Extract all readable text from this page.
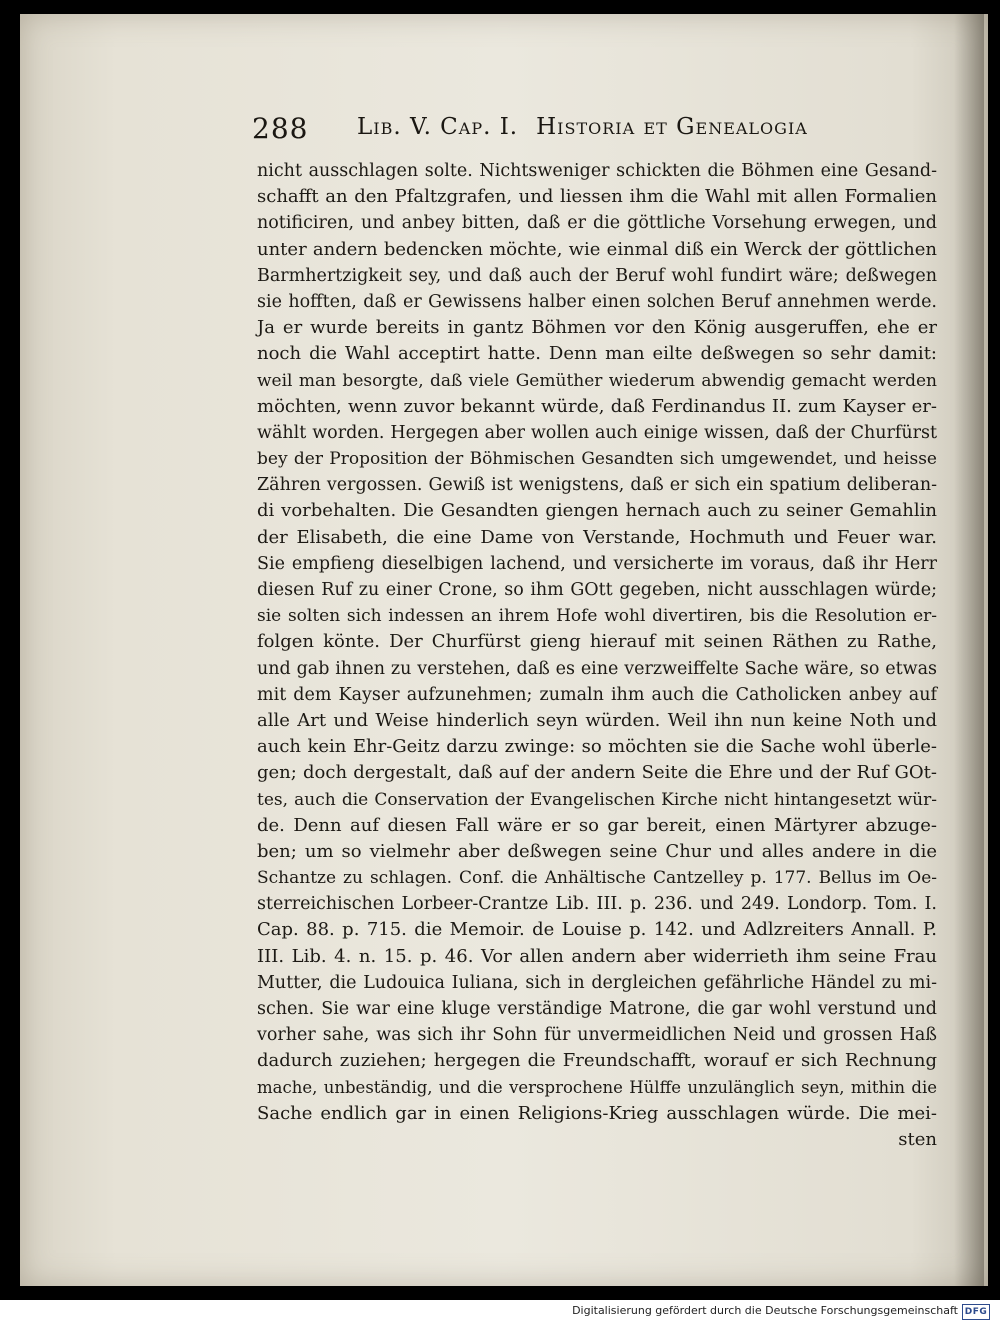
288 Lib. V. Cap. I. Historia et Genealogia
nicht ausschlagen solte. Nichtsweniger schickten die Böhmen eine Gesand-
schafft an den Pfaltzgrafen, und liessen ihm die Wahl mit allen Formalien
notificiren, und anbey bitten, daß er die göttliche Vorsehung erwegen, und
unter andern bedencken möchte, wie einmal diß ein Werck der göttlichen
Barmhertzigkeit sey, und daß auch der Beruf wohl fundirt wäre; deßwegen
sie hofften, daß er Gewissens halber einen solchen Beruf annehmen werde.
Ja er wurde bereits in gantz Böhmen vor den König ausgeruffen, ehe er
noch die Wahl acceptirt hatte. Denn man eilte deßwegen so sehr damit:
weil man besorgte, daß viele Gemüther wiederum abwendig gemacht werden
möchten, wenn zuvor bekannt würde, daß Ferdinandus II. zum Kayser er-
wählt worden. Hergegen aber wollen auch einige wissen, daß der Churfürst
bey der Proposition der Böhmischen Gesandten sich umgewendet, und heisse
Zähren vergossen. Gewiß ist wenigstens, daß er sich ein spatium deliberan-
di vorbehalten. Die Gesandten giengen hernach auch zu seiner Gemahlin
der Elisabeth, die eine Dame von Verstande, Hochmuth und Feuer war.
Sie empfieng dieselbigen lachend, und versicherte im voraus, daß ihr Herr
diesen Ruf zu einer Crone, so ihm GOtt gegeben, nicht ausschlagen würde;
sie solten sich indessen an ihrem Hofe wohl divertiren, bis die Resolution er-
folgen könte. Der Churfürst gieng hierauf mit seinen Räthen zu Rathe,
und gab ihnen zu verstehen, daß es eine verzweiffelte Sache wäre, so etwas
mit dem Kayser aufzunehmen; zumaln ihm auch die Catholicken anbey auf
alle Art und Weise hinderlich seyn würden. Weil ihn nun keine Noth und
auch kein Ehr-Geitz darzu zwinge: so möchten sie die Sache wohl überle-
gen; doch dergestalt, daß auf der andern Seite die Ehre und der Ruf GOt-
tes, auch die Conservation der Evangelischen Kirche nicht hintangesetzt wür-
de. Denn auf diesen Fall wäre er so gar bereit, einen Märtyrer abzuge-
ben; um so vielmehr aber deßwegen seine Chur und alles andere in die
Schantze zu schlagen. Conf. die Anhältische Cantzelley p. 177. Bellus im Oe-
sterreichischen Lorbeer-Crantze Lib. III. p. 236. und 249. Londorp. Tom. I.
Cap. 88. p. 715. die Memoir. de Louise p. 142. und Adlzreiters Annall. P.
III. Lib. 4. n. 15. p. 46. Vor allen andern aber widerrieth ihm seine Frau
Mutter, die Ludouica Iuliana, sich in dergleichen gefährliche Händel zu mi-
schen. Sie war eine kluge verständige Matrone, die gar wohl verstund und
vorher sahe, was sich ihr Sohn für unvermeidlichen Neid und grossen Haß
dadurch zuziehen; hergegen die Freundschafft, worauf er sich Rechnung
mache, unbeständig, und die versprochene Hülffe unzulänglich seyn, mithin die
Sache endlich gar in einen Religions-Krieg ausschlagen würde. Die mei-
sten
Digitalisierung gefördert durch die Deutsche Forschungsgemeinschaft DFG
